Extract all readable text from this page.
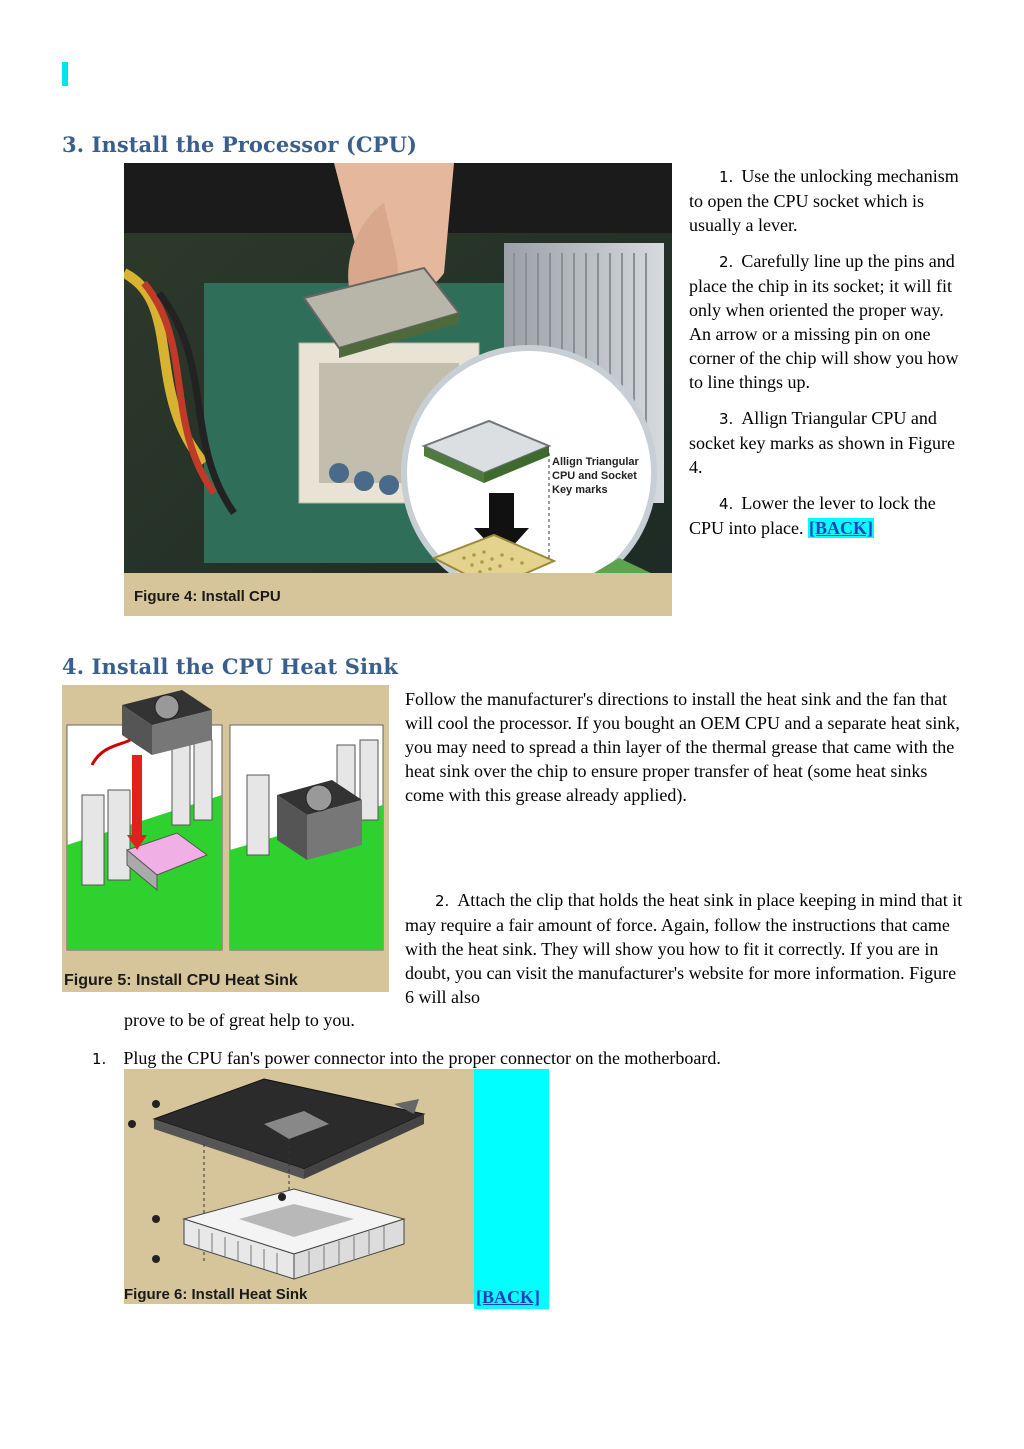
3. Install the Processor (CPU)
Figure 4: Install CPU
Allign Triangular
CPU and Socket
Key marks

1. Use the unlocking mechanism to open the CPU socket which is usually a lever.

2. Carefully line up the pins and place the chip in its socket; it will fit only when oriented the proper way. An arrow or a missing pin on one corner of the chip will show you how to line things up.

3. Allign Triangular CPU and socket key marks as shown in Figure 4.

4. Lower the lever to lock the CPU into place. [BACK]

4. Install the CPU Heat Sink
Figure 5: Install CPU Heat Sink
Follow the manufacturer's directions to install the heat sink and the fan that will cool the processor. If you bought an OEM CPU and a separate heat sink, you may need to spread a thin layer of the thermal grease that came with the heat sink over the chip to ensure proper transfer of heat (some heat sinks come with this grease already applied).
2. Attach the clip that holds the heat sink in place keeping in mind that it may require a fair amount of force. Again, follow the instructions that came with the heat sink. They will show you how to fit it correctly. If you are in doubt, you can visit the manufacturer's website for more information. Figure 6 will also
prove to be of great help to you.
1. Plug the CPU fan's power connector into the proper connector on the motherboard.
Figure 6: Install Heat Sink	[BACK]
